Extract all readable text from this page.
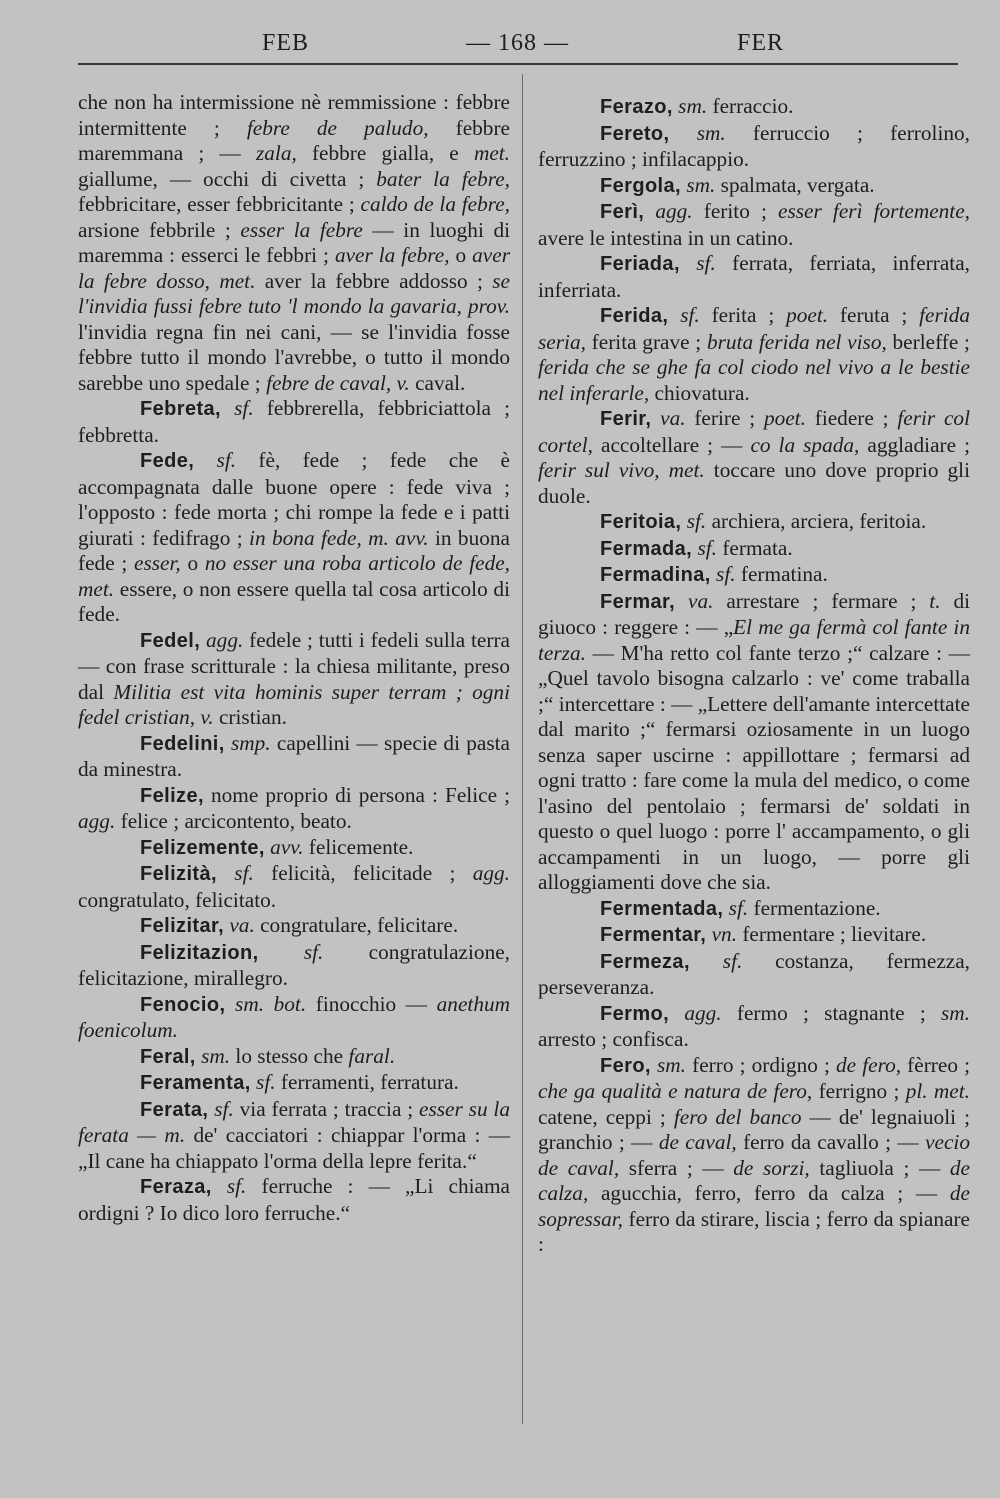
FEB	— 168 —	FER

che non ha intermissione nè remmissione : febbre intermittente ; febre de paludo, febbre maremmana ; — zala, febbre gialla, e met. giallume, — occhi di civetta ; bater la febre, febbricitare, esser febbricitante ; caldo de la febre, arsione febbrile ; esser la febre — in luoghi di maremma : esserci le febbri ; aver la febre, o aver la febre dosso, met. aver la febbre addosso ; se l'invidia fussi febre tuto 'l mondo la gavaria, prov. l'invidia regna fin nei cani, — se l'invidia fosse febbre tutto il mondo l'avrebbe, o tutto il mondo sarebbe uno spedale ; febre de caval, v. caval.

Febreta, sf. febbrerella, febbriciattola ; febbretta.

Fede, sf. fè, fede ; fede che è accompagnata dalle buone opere : fede viva ; l'opposto : fede morta ; chi rompe la fede e i patti giurati : fedifrago ; in bona fede, m. avv. in buona fede ; esser, o no esser una roba articolo de fede, met. essere, o non essere quella tal cosa articolo di fede.

Fedel, agg. fedele ; tutti i fedeli sulla terra — con frase scritturale : la chiesa militante, preso dal Militia est vita hominis super terram ; ogni fedel cristian, v. cristian.

Fedelini, smp. capellini — specie di pasta da minestra.

Felize, nome proprio di persona : Felice ; agg. felice ; arcicontento, beato.

Felizemente, avv. felicemente.

Felizità, sf. felicità, felicitade ; agg. congratulato, felicitato.

Felizitar, va. congratulare, felicitare.

Felizitazion, sf. congratulazione, felicitazione, mirallegro.

Fenocio, sm. bot. finocchio — anethum foenicolum.

Feral, sm. lo stesso che faral.

Feramenta, sf. ferramenti, ferratura.

Ferata, sf. via ferrata ; traccia ; esser su la ferata — m. de' cacciatori : chiappar l'orma : — „Il cane ha chiappato l'orma della lepre ferita.“

Feraza, sf. ferruche : — „Li chiama ordigni ? Io dico loro ferruche.“

Ferazo, sm. ferraccio.

Fereto, sm. ferruccio ; ferrolino, ferruzzino ; infilacappio.

Fergola, sm. spalmata, vergata.

Ferì, agg. ferito ; esser ferì fortemente, avere le intestina in un catino.

Feriada, sf. ferrata, ferriata, inferrata, inferriata.

Ferida, sf. ferita ; poet. feruta ; ferida seria, ferita grave ; bruta ferida nel viso, berleffe ; ferida che se ghe fa col ciodo nel vivo a le bestie nel inferarle, chiovatura.

Ferir, va. ferire ; poet. fiedere ; ferir col cortel, accoltellare ; — co la spada, aggladiare ; ferir sul vivo, met. toccare uno dove proprio gli duole.

Feritoia, sf. archiera, arciera, feritoia.

Fermada, sf. fermata.

Fermadina, sf. fermatina.

Fermar, va. arrestare ; fermare ; t. di giuoco : reggere : — „El me ga fermà col fante in terza. — M'ha retto col fante terzo ;“ calzare : — „Quel tavolo bisogna calzarlo : ve' come traballa ;“ intercettare : — „Lettere dell'amante intercettate dal marito ;“ fermarsi oziosamente in un luogo senza saper uscirne : appillottare ; fermarsi ad ogni tratto : fare come la mula del medico, o come l'asino del pentolaio ; fermarsi de' soldati in questo o quel luogo : porre l' accampamento, o gli accampamenti in un luogo, — porre gli alloggiamenti dove che sia.

Fermentada, sf. fermentazione.

Fermentar, vn. fermentare ; lievitare.

Fermeza, sf. costanza, fermezza, perseveranza.

Fermo, agg. fermo ; stagnante ; sm. arresto ; confisca.

Fero, sm. ferro ; ordigno ; de fero, fèrreo ; che ga qualità e natura de fero, ferrigno ; pl. met. catene, ceppi ; fero del banco — de' legnaiuoli ; granchio ; — de caval, ferro da cavallo ; — vecio de caval, sferra ; — de sorzi, tagliuola ; — de calza, agucchia, ferro, ferro da calza ; — de sopressar, ferro da stirare, liscia ; ferro da spianare :
